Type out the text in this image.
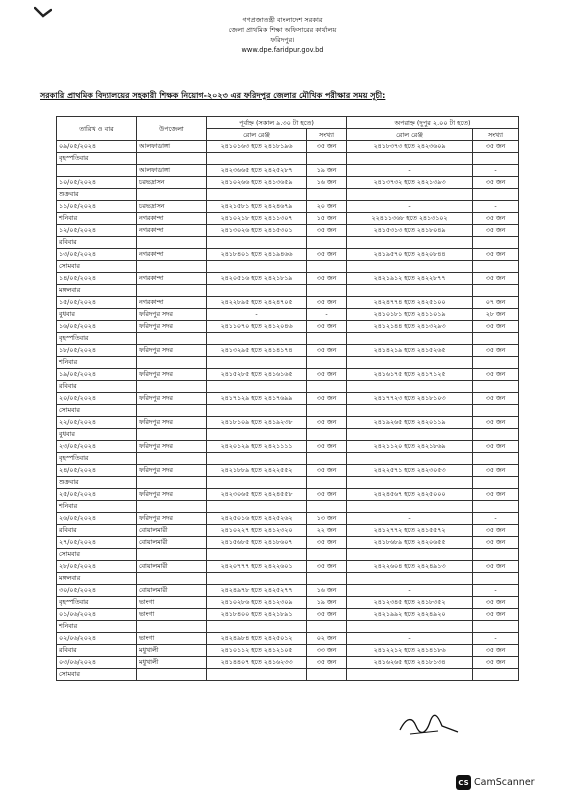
গণপ্রজাতন্ত্রী বাংলাদেশ সরকার
জেলা প্রাথমিক শিক্ষা অফিসারের কার্যালয়
ফরিদপুর।
www.dpe.faridpur.gov.bd
সরকারি প্রাথমিক বিদ্যালয়ের সহকারী শিক্ষক নিয়োগ-২০২৩ এর ফরিদপুর জেলার মৌখিক পরীক্ষার সময় সূচী:
তারিখ ও বার	উপজেলা	পূর্বাহ্ন (সকাল ৯.৩০ টা হতে)		অপরাহ্ন (দুপুর ২.০০ টা হতে)	
		রোল রেঞ্জ	সংখ্যা	রোল রেঞ্জ	সংখ্যা
০৯/০৫/২০২৪	আলফাডাঙ্গা	২৪১০১৬৩ হতে ২৪১৮১৯৬	৩৫ জন	২৪১৮৩৭৩ হতে ২৪২৩৬০৯	৩৫ জন
বৃহস্পতিবার					
	আলফাডাঙ্গা	২৪২৩৬৬৫ হতে ২৪২৫২৮৭	১৯ জন	-	-
১০/০৫/২০২৪	চরভদ্রাসন	২৪১০২৬৬ হতে ২৪১৩৬৫৯	১৬ জন	২৪১৩৭৩২ হতে ২৪২১৩৯৩	৩৫ জন
শুক্রবার					
১১/০৫/২০২৪	চরভদ্রাসন	২৪২১৫৮১ হতে ২৪২৪৬৭৯	২০ জন	-	-
শনিবার	নগরকান্দা	২৪১০২১৮ হতে ২৪১১৩০৭	১৫ জন	২২৪১১৩৬৮ হতে ২৪১৩১০২	৩৫ জন
১২/০৫/২০২৪	নগরকান্দা	২৪১৩০২৬ হতে ২৪১৫৩০১	৩৫ জন	২৪১৫৩১৩ হতে ২৪১৮০৪৯	৩৫ জন
রবিবার					
১৩/০৫/২০২৪	নগরকান্দা	২৪১৮৪০১ হতে ২৪১৯৪৬৬	৩৫ জন	২৪১৯৫৭০ হতে ২৪২০৮৪৪	৩৫ জন
সোমবার					
১৪/০৫/২০২৪	নগরকান্দা	২৪২০৫১৬ হতে ২৪২১৮১৯	৩৫ জন	২৪২১৯১২ হতে ২৪২২৮৭৭	৩৫ জন
মঙ্গলবার					
১৫/০৫/২০২৪	নগরকান্দা	২৪২২৮৯৫ হতে ২৪২৪৭০৫	৩৫ জন	২৪২৪৭৭৪ হতে ২৪২৫১০০	০৭ জন
বুধবার	ফরিদপুর সদর	-	-	২৪১০১৮১ হতে ২৪১১০১৯	২৮ জন
১৬/০৫/২০২৪	ফরিদপুর সদর	২৪১১০৭০ হতে ২৪১২০৪৬	৩৫ জন	২৪১২১৪৪ হতে ২৪১৩২৯৩	৩৫ জন
বৃহস্পতিবার					
১৮/০৫/২০২৪	ফরিদপুর সদর	২৪১৩২৯৫ হতে ২৪১৪১৭৪	৩৫ জন	২৪১৪২১৯ হতে ২৪১৫২৬৫	৩৫ জন
শনিবার					
১৯/০৫/২০২৪	ফরিদপুর সদর	২৪১৫২৮৫ হতে ২৪১৬১৬৫	৩৫ জন	২৪১৬১৭৫ হতে ২৪১৭১২৫	৩৫ জন
রবিবার					
২০/০৫/২০২৪	ফরিদপুর সদর	২৪১৭১২৯ হতে ২৪১৭৬৯৯	৩৫ জন	২৪১৭৭২৩ হতে ২৪১৮১০৩	৩৫ জন
সোমবার					
২২/০৫/২০২৪	ফরিদপুর সদর	২৪১৮১০৯ হতে ২৪১৯২৩৮	৩৫ জন	২৪১৯২৬৫ হতে ২৪২০১১৯	৩৫ জন
বুধবার					
২৩/০৫/২০২৪	ফরিদপুর সদর	২৪২০১২৯ হতে ২৪২১১১১	৩৫ জন	২৪২১১২০ হতে ২৪২১৮৬৯	৩৫ জন
বৃহস্পতিবার					
২৪/০৫/২০২৪	ফরিদপুর সদর	২৪২১৮৮৯ হতে ২৪২২৫৫২	৩৫ জন	২৪২২৫৭১ হতে ২৪২৩০৫৩	৩৫ জন
শুক্রবার					
২৫/০৫/২০২৪	ফরিদপুর সদর	২৪২৩০৬৫ হতে ২৪২৪৫৫৮	৩৫ জন	২৪২৪৫৬৭ হতে ২৪২৫০০০	৩৫ জন
শনিবার					
২৬/০৫/২০২৪	ফরিদপুর সদর	২৪২৫০১৬ হতে ২৪২৫২৬২	১৩ জন	-	-
রবিবার	বোয়ালমারী	২৪১০২২৭ হতে ২৪১২৩২০	২২ জন	২৪১২৭৭২ হতে ২৪১৫৫৭২	৩৫ জন
২৭/০৫/২০২৪	বোয়ালমারী	২৪১৫৬৮৫ হতে ২৪১৮৬০৭	৩৫ জন	২৪১৮৬৮৯ হতে ২৪২০৬৫৫	৩৫ জন
সোমবার					
২৮/০৫/২০২৪	বোয়ালমারী	২৪২০৭৭৭ হতে ২৪২২৬০১	৩৫ জন	২৪২২৬০৪ হতে ২৪২৪৯১৩	৩৫ জন
মঙ্গলবার					
৩০/০৫/২০২৪	বোয়ালমারী	২৪২৪৯৭৮ হতে ২৪২৫২৭৭	১৬ জন	-	-
বৃহস্পতিবার	ভাংগা	২৪১০২৮৬ হতে ২৪১২৩০৯	১৯ জন	২৪১২৩৪৫ হতে ২৪১৮৩৫২	৩৫ জন
০১/০৬/২০২৪	ভাংগা	২৪১৮৪০০ হতে ২৪২১৮৯১	৩৫ জন	২৪২১৯৯২ হতে ২৪২৪৯২০	৩৫ জন
শনিবার					
০২/০৬/২০২৪	ভাংগা	২৪২৪৯৮৪ হতে ২৪২৫০১২	০২ জন	-	-
রবিবার	মধুখালী	২৪১০১১২ হতে ২৪১২১০৫	৩৩ জন	২৪১২২১২ হতে ২৪১৪১৮৬	৩৫ জন
০৩/০৬/২০২৪	মধুখালী	২৪১৪৪০৭ হতে ২৪১৬২৩৩	৩৫ জন	২৪১৬২৬৫ হতে ২৪১৮১৩৪	৩৫ জন
সোমবার					
CS CamScanner
